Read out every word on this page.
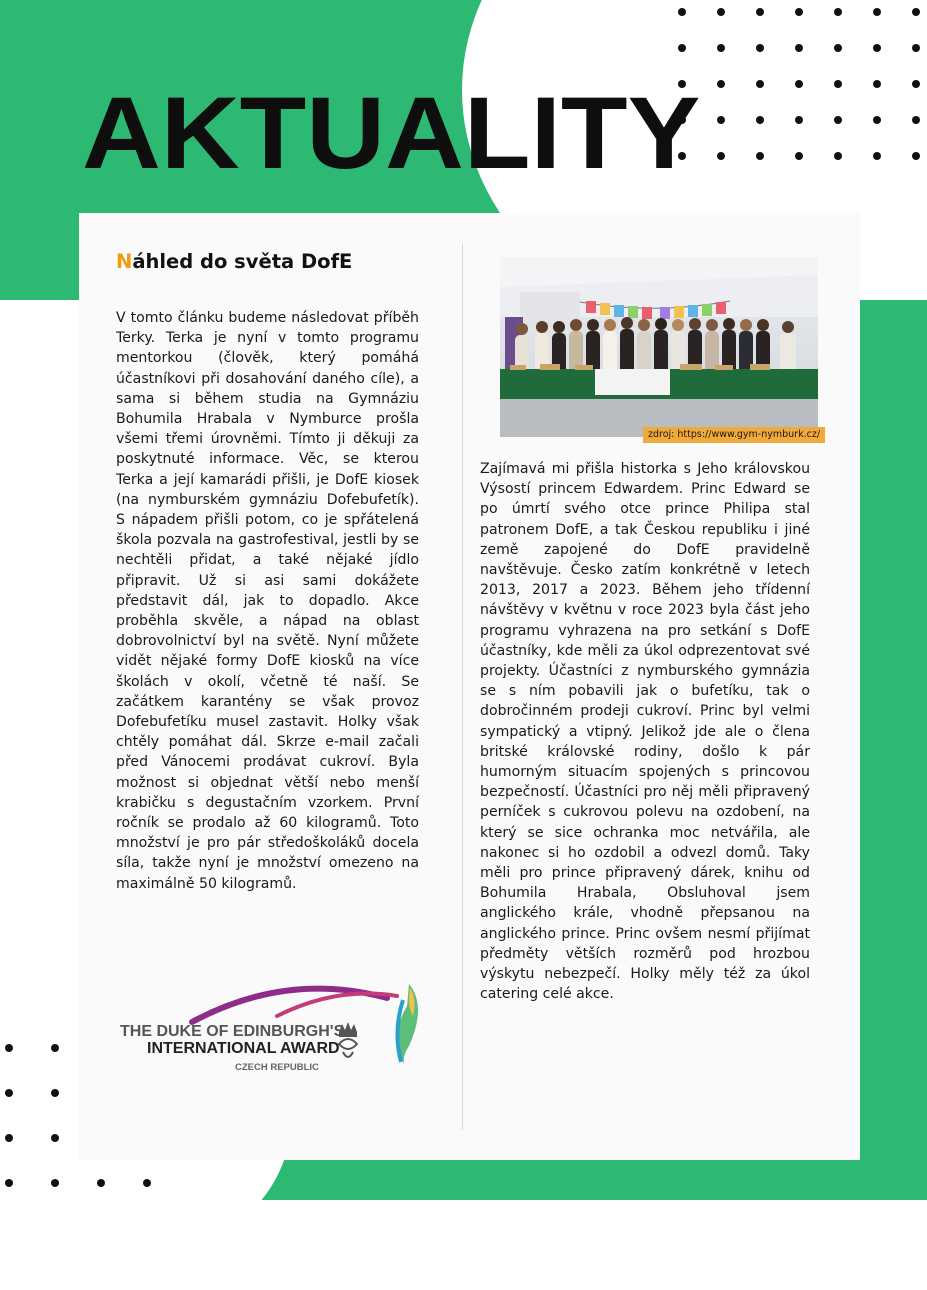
AKTUALITY
Náhled do světa DofE
V tomto článku budeme následovat příběh Terky. Terka je nyní v tomto programu mentorkou (člověk, který pomáhá účastníkovi při dosahování daného cíle), a sama si během studia na Gymnáziu Bohumila Hrabala v Nymburce prošla všemi třemi úrovněmi. Tímto ji děkuji za poskytnuté informace. Věc, se kterou Terka a její kamarádi přišli, je DofE kiosek (na nymburském gymnáziu Dofebufetík). S nápadem přišli potom, co je spřátelená škola pozvala na gastrofestival, jestli by se nechtěli přidat, a také nějaké jídlo připravit. Už si asi sami dokážete představit dál, jak to dopadlo. Akce proběhla skvěle, a nápad na oblast dobrovolnictví byl na světě. Nyní můžete vidět nějaké formy DofE kiosků na více školách v okolí, včetně té naší. Se začátkem karantény se však provoz Dofebufetíku musel zastavit. Holky však chtěly pomáhat dál. Skrze e-mail začali před Vánocemi prodávat cukroví. Byla možnost si objednat větší nebo menší krabičku s degustačním vzorkem. První ročník se prodalo až 60 kilogramů. Toto množství je pro pár středoškoláků docela síla, takže nyní je množství omezeno na maximálně 50 kilogramů.
zdroj: https://www.gym-nymburk.cz/
Zajímavá mi přišla historka s Jeho královskou Výsostí princem Edwardem. Princ Edward se po úmrtí svého otce prince Philipa stal patronem DofE, a tak Českou republiku i jiné země zapojené do DofE pravidelně navštěvuje. Česko zatím konkrétně v letech 2013, 2017 a 2023. Během jeho třídenní návštěvy v květnu v roce 2023 byla část jeho programu vyhrazena na pro setkání s DofE účastníky, kde měli za úkol odprezentovat své projekty. Účastníci z nymburského gymnázia se s ním pobavili jak o bufetíku, tak o dobročinném prodeji cukroví. Princ byl velmi sympatický a vtipný. Jelikož jde ale o člena britské královské rodiny, došlo k pár humorným situacím spojených s princovou bezpečností. Účastníci pro něj měli připravený perníček s cukrovou polevu na ozdobení, na který se sice ochranka moc netvářila, ale nakonec si ho ozdobil a odvezl domů. Taky měli pro prince připravený dárek, knihu od Bohumila Hrabala, Obsluhoval jsem anglického krále, vhodně přepsanou na anglického prince. Princ ovšem nesmí přijímat předměty větších rozměrů pod hrozbou výskytu nebezpečí. Holky měly též za úkol catering celé akce.
THE DUKE OF EDINBURGH'S
INTERNATIONAL AWARD
CZECH REPUBLIC
